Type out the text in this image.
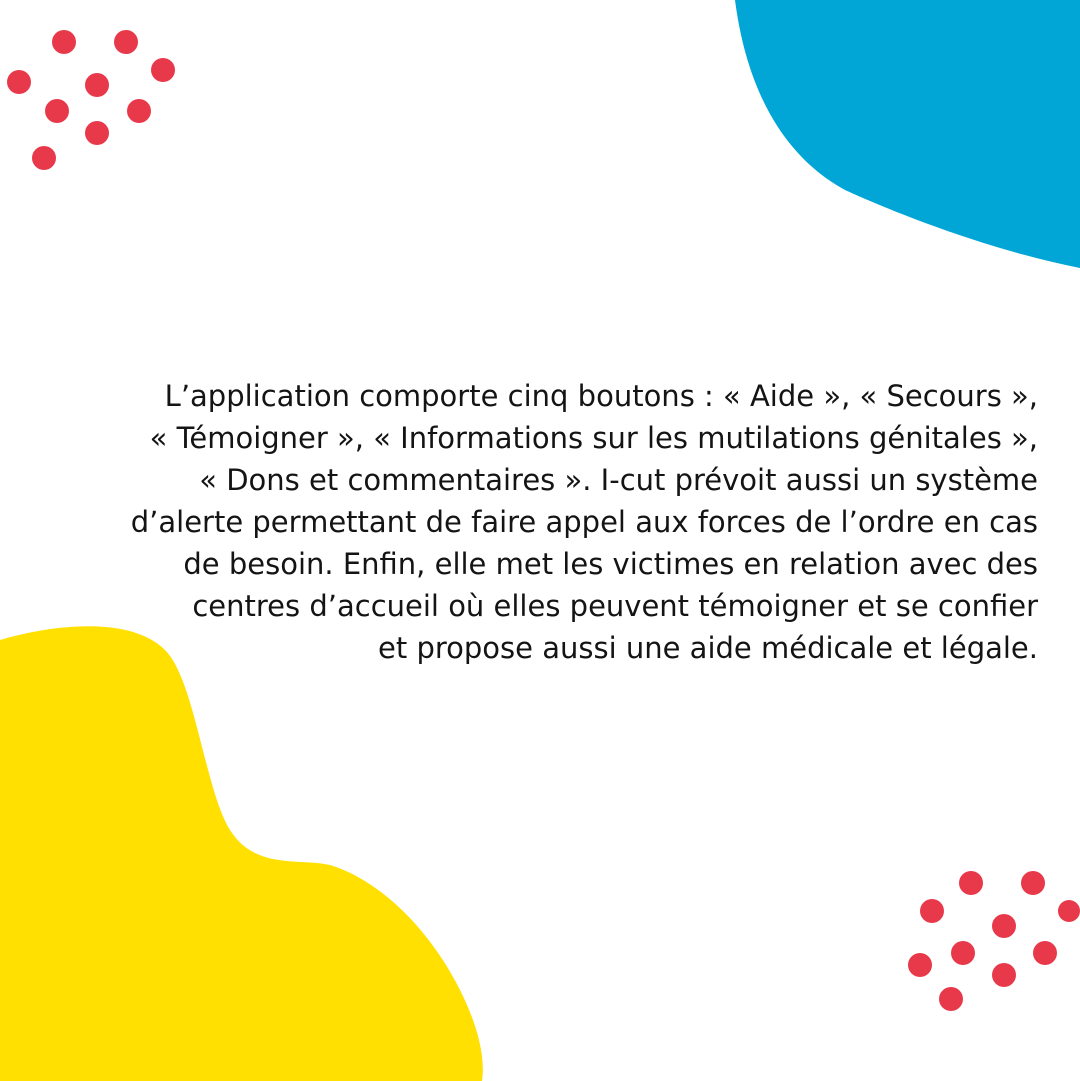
L’application comporte cinq boutons : « Aide », « Secours »,
« Témoigner », « Informations sur les mutilations génitales »,
« Dons et commentaires ». I-cut prévoit aussi un système
d’alerte permettant de faire appel aux forces de l’ordre en cas
de besoin. Enfin, elle met les victimes en relation avec des
centres d’accueil où elles peuvent témoigner et se confier
et propose aussi une aide médicale et légale.
